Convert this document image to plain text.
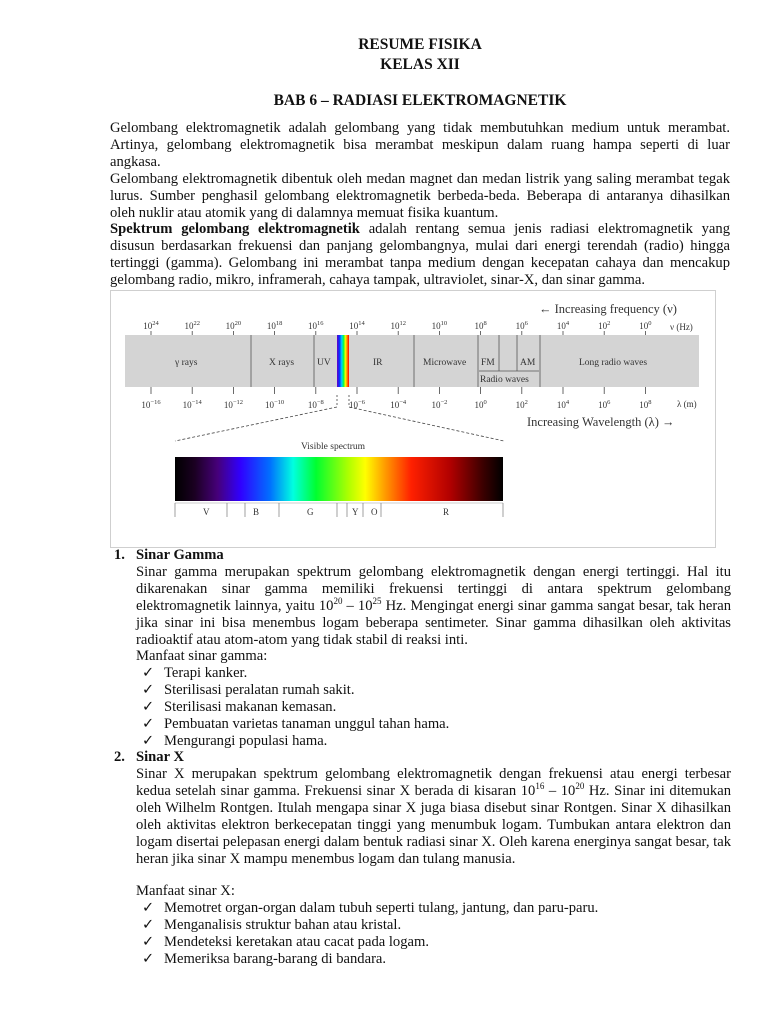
RESUME FISIKA
KELAS XII
BAB 6 – RADIASI ELEKTROMAGNETIK
Gelombang elektromagnetik adalah gelombang yang tidak membutuhkan medium untuk merambat. Artinya, gelombang elektromagnetik bisa merambat meskipun dalam ruang hampa seperti di luar angkasa.
Gelombang elektromagnetik dibentuk oleh medan magnet dan medan listrik yang saling merambat tegak lurus. Sumber penghasil gelombang elektromagnetik berbeda-beda. Beberapa di antaranya dihasilkan oleh nuklir atau atomik yang di dalamnya memuat fisika kuantum.
Spektrum gelombang elektromagnetik adalah rentang semua jenis radiasi elektromagnetik yang disusun berdasarkan frekuensi dan panjang gelombangnya, mulai dari energi terendah (radio) hingga tertinggi (gamma). Gelombang ini merambat tanpa medium dengan kecepatan cahaya dan mencakup gelombang radio, mikro, inframerah, cahaya tampak, ultraviolet, sinar-X, dan sinar gamma.
← Increasing frequency (ν)
$10^{24}$	$10^{22}$	$10^{20}$	$10^{18}$	$10^{16}$	$10^{14}$	$10^{12}$	$10^{10}$	$10^8$	$10^6$	$10^4$	$10^2$	$10^0$ ν (Hz)
γ rays	X rays UV	IR	Microwave FM	AM	Long radio waves
Radio waves
$10^{-16}$ $10^{-14}$ $10^{-12}$ $10^{-10}$	$10^{-8}$	$10^{-6}$	$10^{-4}$	$10^{-2}$	$10^0$	$10^2$	$10^4$	$10^6$	$10^8$	λ (m)
Increasing Wavelength (λ) →
Visible spectrum
V	B	G	Y O	R
1. Sinar Gamma
Sinar gamma merupakan spektrum gelombang elektromagnetik dengan energi tertinggi. Hal itu dikarenakan sinar gamma memiliki frekuensi tertinggi di antara spektrum gelombang elektromagnetik lainnya, yaitu $10^{20} - 10^{25}$ Hz. Mengingat energi sinar gamma sangat besar, tak heran jika sinar ini bisa menembus logam beberapa sentimeter. Sinar gamma dihasilkan oleh aktivitas radioaktif atau atom-atom yang tidak stabil di reaksi inti.
Manfaat sinar gamma:
✓ Terapi kanker.
✓ Sterilisasi peralatan rumah sakit.
✓ Sterilisasi makanan kemasan.
✓ Pembuatan varietas tanaman unggul tahan hama.
✓ Mengurangi populasi hama.
2. Sinar X
Sinar X merupakan spektrum gelombang elektromagnetik dengan frekuensi atau energi terbesar kedua setelah sinar gamma. Frekuensi sinar X berada di kisaran $10^{16} - 10^{20}$ Hz. Sinar ini ditemukan oleh Wilhelm Rontgen. Itulah mengapa sinar X juga biasa disebut sinar Rontgen. Sinar X dihasilkan oleh aktivitas elektron berkecepatan tinggi yang menumbuk logam. Tumbukan antara elektron dan logam disertai pelepasan energi dalam bentuk radiasi sinar X. Oleh karena energinya sangat besar, tak heran jika sinar X mampu menembus logam dan tulang manusia.
Manfaat sinar X:
✓ Memotret organ-organ dalam tubuh seperti tulang, jantung, dan paru-paru.
✓ Menganalisis struktur bahan atau kristal.
✓ Mendeteksi keretakan atau cacat pada logam.
✓ Memeriksa barang-barang di bandara.
